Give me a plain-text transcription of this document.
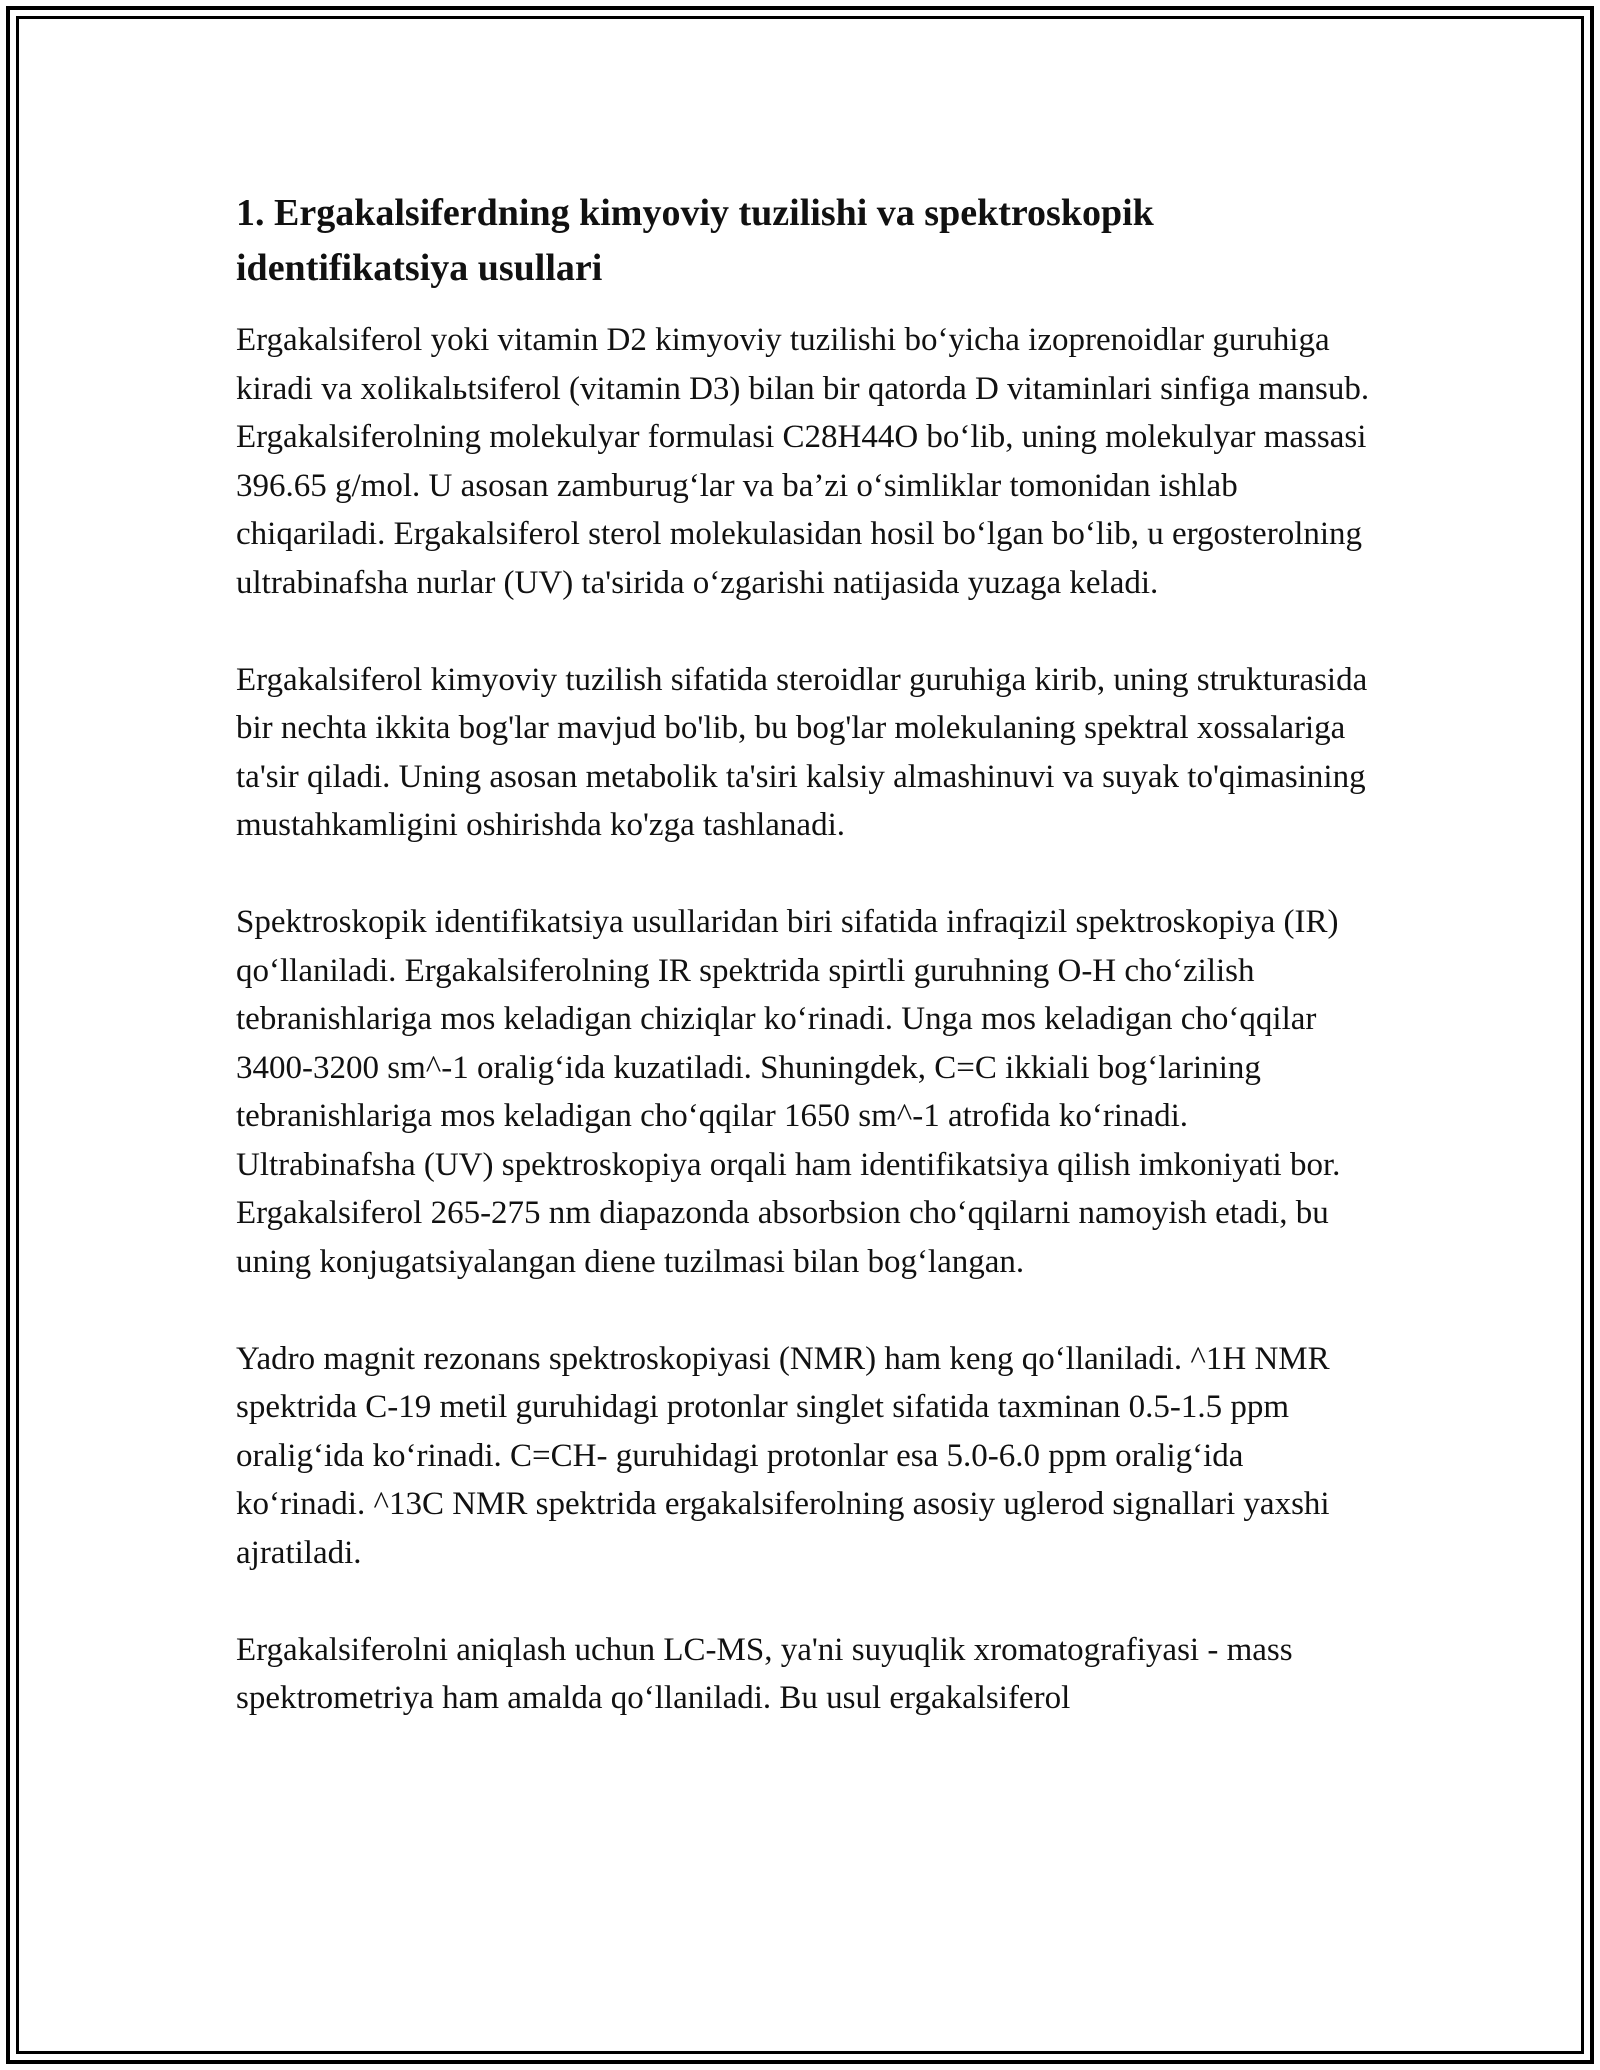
1. Ergakalsiferdning kimyoviy tuzilishi va spektroskopik identifikatsiya usullari

Ergakalsiferol yoki vitamin D2 kimyoviy tuzilishi bo‘yicha izoprenoidlar guruhiga kiradi va xolikalьtsiferol (vitamin D3) bilan bir qatorda D vitaminlari sinfiga mansub. Ergakalsiferolning molekulyar formulasi C28H44O bo‘lib, uning molekulyar massasi 396.65 g/mol. U asosan zamburug‘lar va ba’zi o‘simliklar tomonidan ishlab chiqariladi. Ergakalsiferol sterol molekulasidan hosil bo‘lgan bo‘lib, u ergosterolning ultrabinafsha nurlar (UV) ta'sirida o‘zgarishi natijasida yuzaga keladi.

Ergakalsiferol kimyoviy tuzilish sifatida steroidlar guruhiga kirib, uning strukturasida bir nechta ikkita bog'lar mavjud bo'lib, bu bog'lar molekulaning spektral xossalariga ta'sir qiladi. Uning asosan metabolik ta'siri kalsiy almashinuvi va suyak to'qimasining mustahkamligini oshirishda ko'zga tashlanadi.

Spektroskopik identifikatsiya usullaridan biri sifatida infraqizil spektroskopiya (IR) qo‘llaniladi. Ergakalsiferolning IR spektrida spirtli guruhning O-H cho‘zilish tebranishlariga mos keladigan chiziqlar ko‘rinadi. Unga mos keladigan cho‘qqilar 3400-3200 sm^-1 oralig‘ida kuzatiladi. Shuningdek, C=C ikkiali bog‘larining tebranishlariga mos keladigan cho‘qqilar 1650 sm^-1 atrofida ko‘rinadi. Ultrabinafsha (UV) spektroskopiya orqali ham identifikatsiya qilish imkoniyati bor. Ergakalsiferol 265-275 nm diapazonda absorbsion cho‘qqilarni namoyish etadi, bu uning konjugatsiyalangan diene tuzilmasi bilan bog‘langan.

Yadro magnit rezonans spektroskopiyasi (NMR) ham keng qo‘llaniladi. ^1H NMR spektrida C-19 metil guruhidagi protonlar singlet sifatida taxminan 0.5-1.5 ppm oralig‘ida ko‘rinadi. C=CH- guruhidagi protonlar esa 5.0-6.0 ppm oralig‘ida ko‘rinadi. ^13C NMR spektrida ergakalsiferolning asosiy uglerod signallari yaxshi ajratiladi.

Ergakalsiferolni aniqlash uchun LC-MS, ya'ni suyuqlik xromatografiyasi - mass spektrometriya ham amalda qo‘llaniladi. Bu usul ergakalsiferol
